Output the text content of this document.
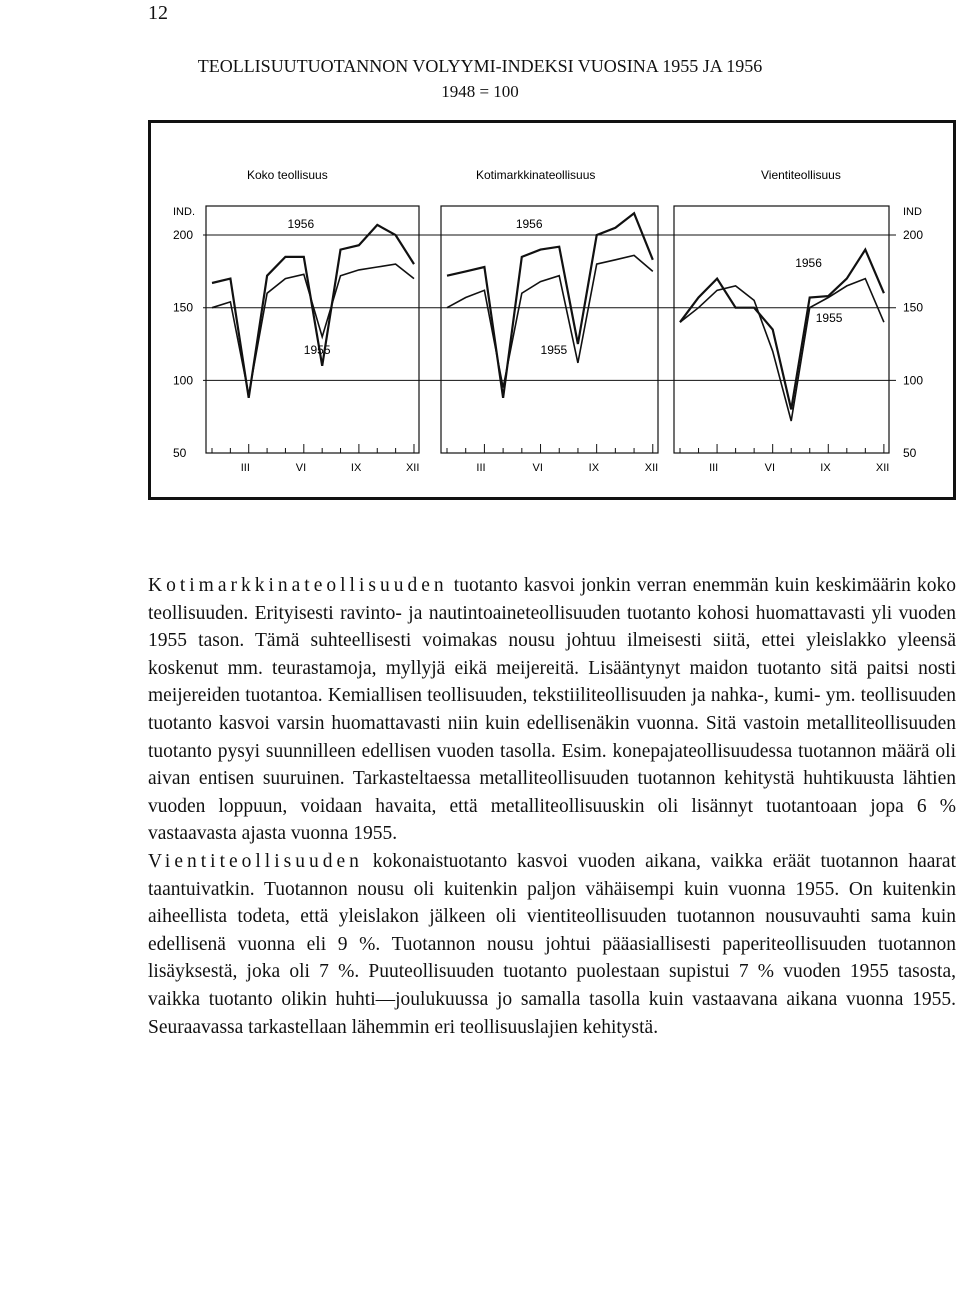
12
TEOLLISUUTUOTANNON VOLYYMI-INDEKSI VUOSINA 1955 JA 1956
1948 = 100
IND.	IND
200	200
150	150
100	100
50	50
Koko teollisuus
III	VI	IX	XII
1955
1956
Kotimarkkinateollisuus
III	VI	IX	XII
1955
1956
Vientiteollisuus
III	VI	IX	XII
1955
1956

Kotimarkkinateollisuuden tuotanto kasvoi jonkin verran enemmän kuin keskimäärin koko teollisuuden. Erityisesti ravinto- ja nautintoaineteollisuuden tuotanto kohosi huomattavasti yli vuoden 1955 tason. Tämä suhteellisesti voimakas nousu johtuu ilmeisesti siitä, ettei yleislakko yleensä koskenut mm. teurastamoja, myllyjä eikä meijereitä. Lisääntynyt maidon tuotanto sitä paitsi nosti meijereiden tuotantoa. Kemiallisen teollisuuden, tekstiiliteollisuuden ja nahka-, kumi- ym. teollisuuden tuotanto kasvoi varsin huomattavasti niin kuin edellisenäkin vuonna. Sitä vastoin metalliteollisuuden tuotanto pysyi suunnilleen edellisen vuoden tasolla. Esim. konepajateollisuudessa tuotannon määrä oli aivan entisen suuruinen. Tarkasteltaessa metalliteollisuuden tuotannon kehitystä huhtikuusta lähtien vuoden loppuun, voidaan havaita, että metalliteollisuuskin oli lisännyt tuotantoaan jopa 6 % vastaavasta ajasta vuonna 1955.

Vientiteollisuuden kokonaistuotanto kasvoi vuoden aikana, vaikka eräät tuotannon haarat taantuivatkin. Tuotannon nousu oli kuitenkin paljon vähäisempi kuin vuonna 1955. On kuitenkin aiheellista todeta, että yleislakon jälkeen oli vientiteollisuuden tuotannon nousuvauhti sama kuin edellisenä vuonna eli 9 %. Tuotannon nousu johtui pääasiallisesti paperiteollisuuden tuotannon lisäyksestä, joka oli 7 %. Puuteollisuuden tuotanto puolestaan supistui 7 % vuoden 1955 tasosta, vaikka tuotanto olikin huhti—joulukuussa jo samalla tasolla kuin vastaavana aikana vuonna 1955. Seuraavassa tarkastellaan lähemmin eri teollisuuslajien kehitystä.
